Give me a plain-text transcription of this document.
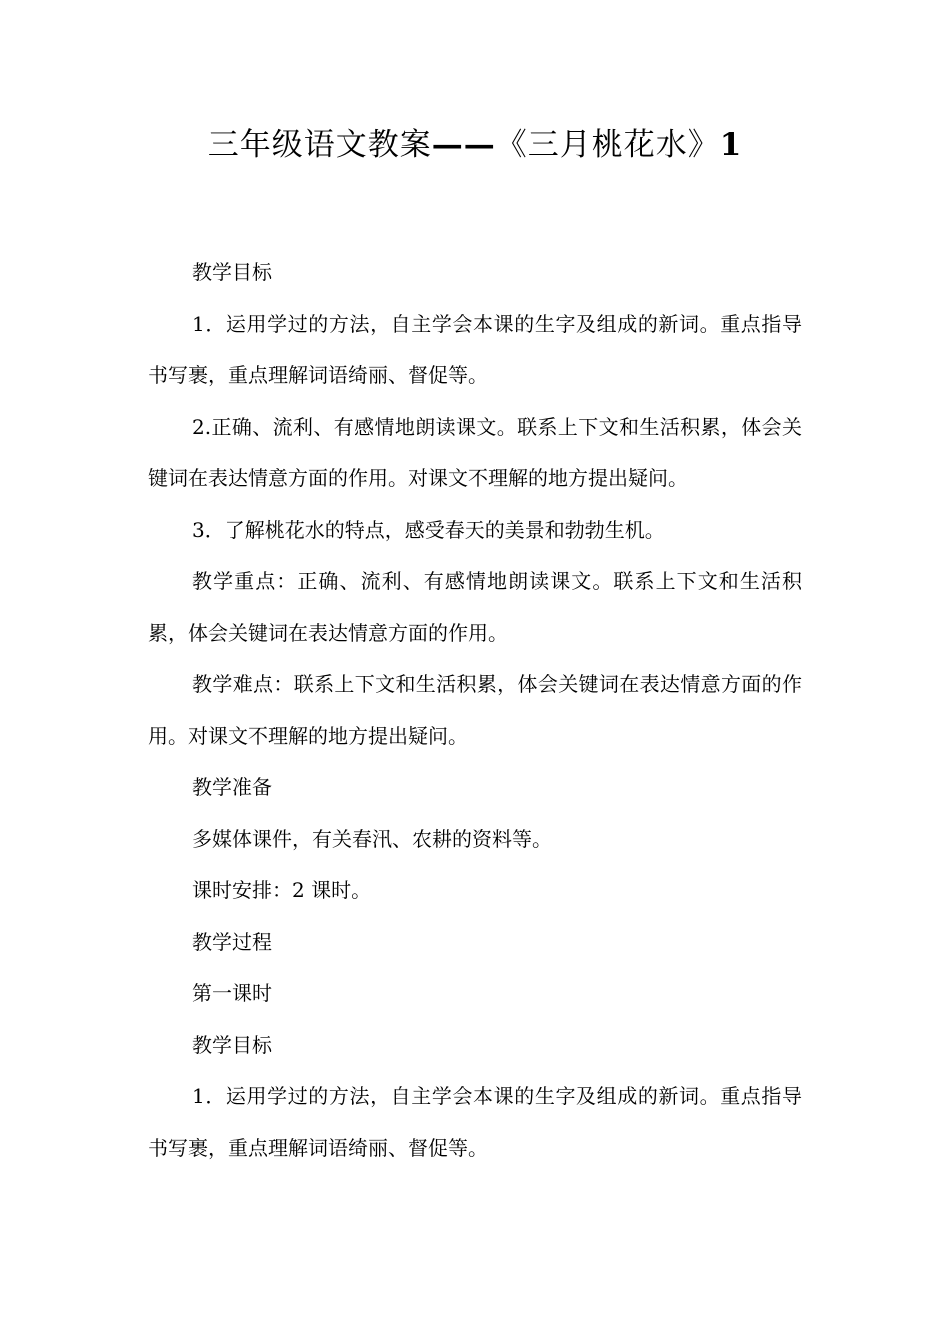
三年级语文教案——《三月桃花水》1

教学目标

1．运用学过的方法，自主学会本课的生字及组成的新词。重点指导书写裹，重点理解词语绮丽、督促等。

2.正确、流利、有感情地朗读课文。联系上下文和生活积累，体会关键词在表达情意方面的作用。对课文不理解的地方提出疑问。

3．了解桃花水的特点，感受春天的美景和勃勃生机。

教学重点：正确、流利、有感情地朗读课文。联系上下文和生活积累，体会关键词在表达情意方面的作用。

教学难点：联系上下文和生活积累，体会关键词在表达情意方面的作用。对课文不理解的地方提出疑问。

教学准备

多媒体课件，有关春汛、农耕的资料等。

课时安排：2 课时。

教学过程

第一课时

教学目标

1．运用学过的方法，自主学会本课的生字及组成的新词。重点指导书写裹，重点理解词语绮丽、督促等。
